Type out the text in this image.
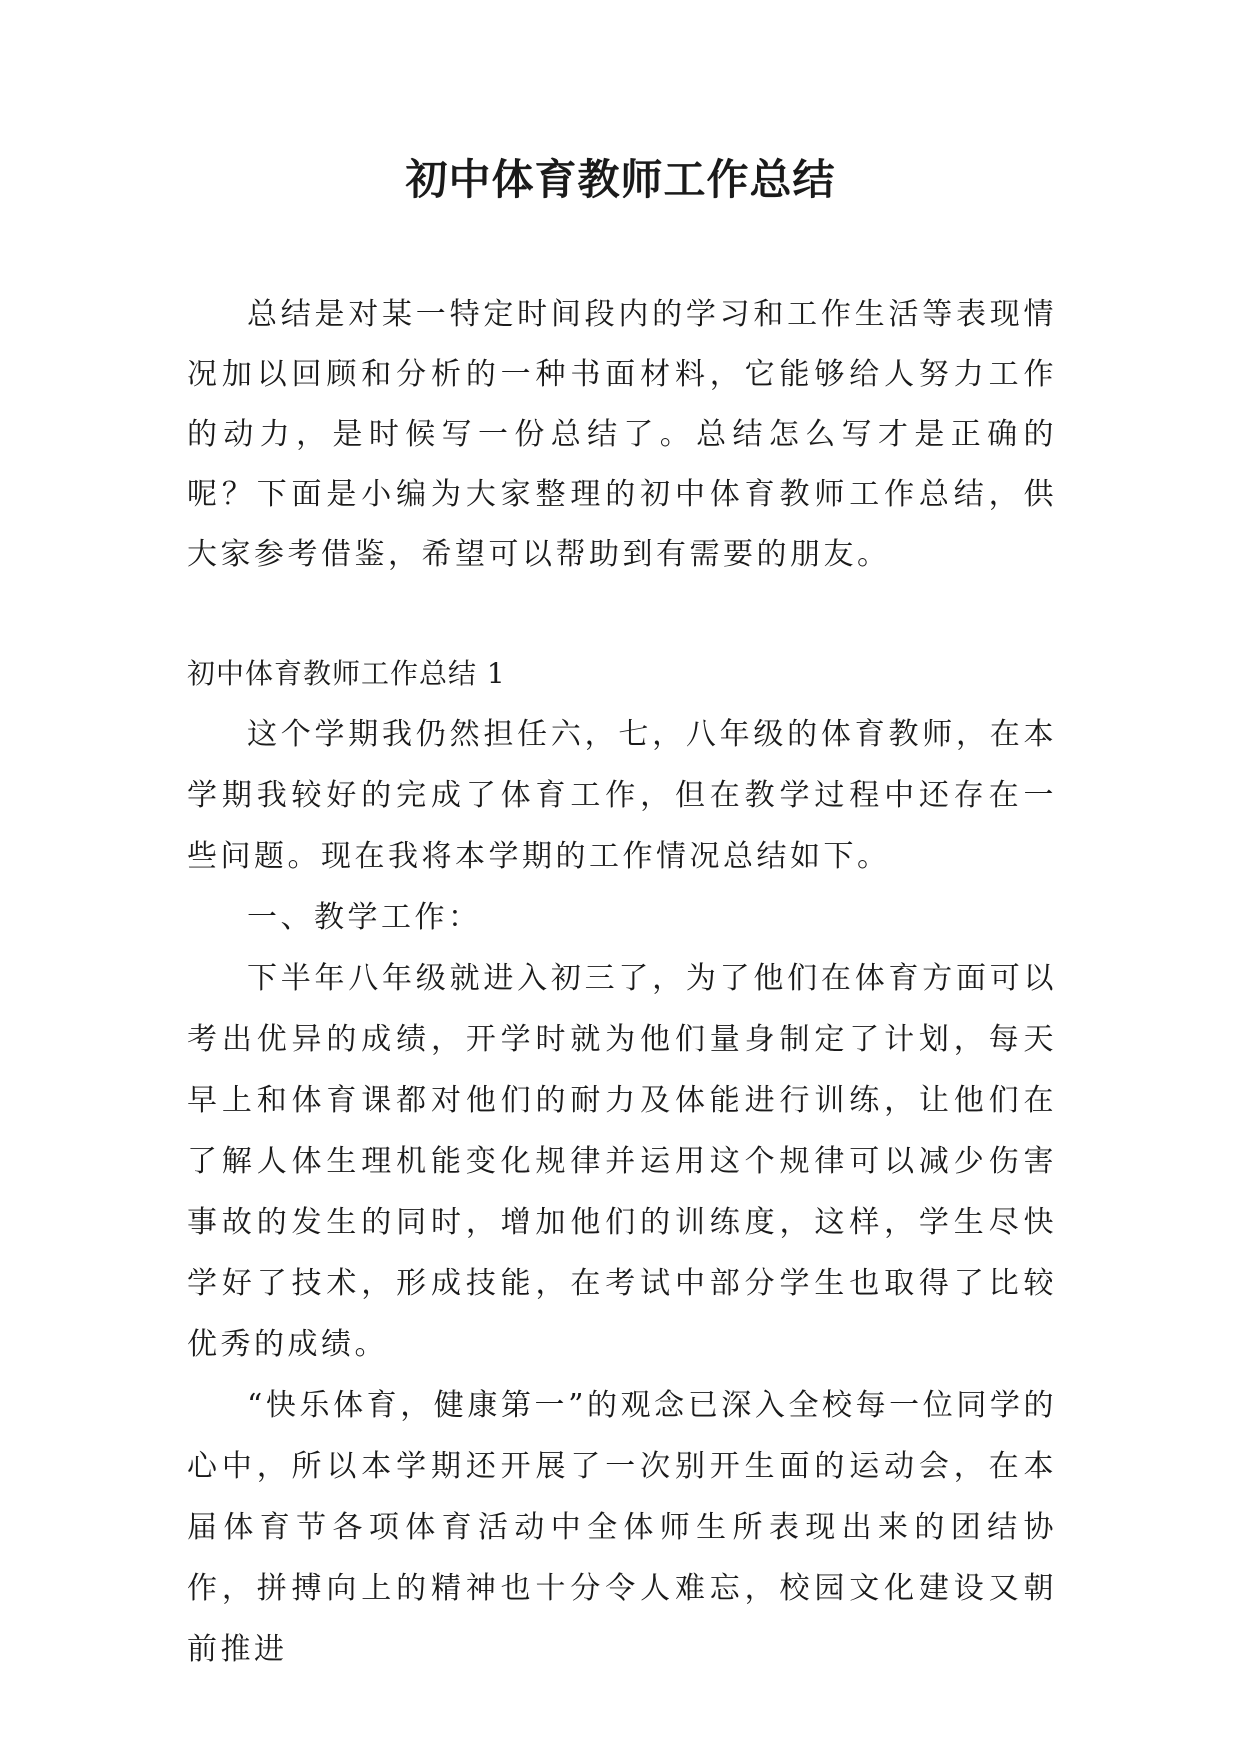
初中体育教师工作总结

总结是对某一特定时间段内的学习和工作生活等表现情况加以回顾和分析的一种书面材料，它能够给人努力工作的动力，是时候写一份总结了。总结怎么写才是正确的呢？下面是小编为大家整理的初中体育教师工作总结，供大家参考借鉴，希望可以帮助到有需要的朋友。

初中体育教师工作总结 1

这个学期我仍然担任六，七，八年级的体育教师，在本学期我较好的完成了体育工作，但在教学过程中还存在一些问题。现在我将本学期的工作情况总结如下。

一、教学工作：

下半年八年级就进入初三了，为了他们在体育方面可以考出优异的成绩，开学时就为他们量身制定了计划，每天早上和体育课都对他们的耐力及体能进行训练，让他们在了解人体生理机能变化规律并运用这个规律可以减少伤害事故的发生的同时，增加他们的训练度，这样，学生尽快学好了技术，形成技能，在考试中部分学生也取得了比较优秀的成绩。

“快乐体育，健康第一”的观念已深入全校每一位同学的心中，所以本学期还开展了一次别开生面的运动会，在本届体育节各项体育活动中全体师生所表现出来的团结协作，拼搏向上的精神也十分令人难忘，校园文化建设又朝前推进
